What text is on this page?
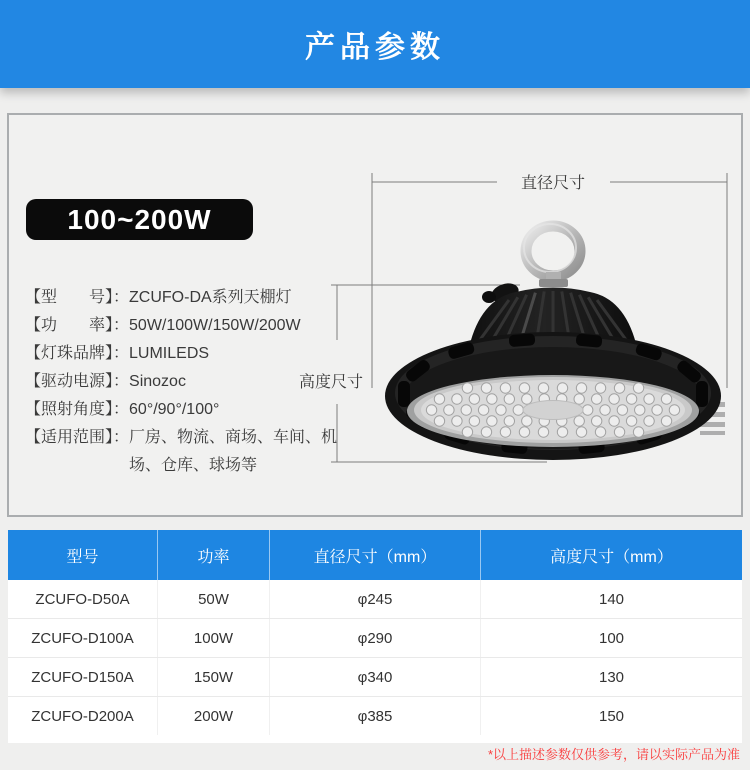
产品参数
100~200W
【型　　号】： ZCUFO-DA系列天棚灯
【功　　率】： 50W/100W/150W/200W
【灯珠品牌】： LUMILEDS
【驱动电源】： Sinozoc
【照射角度】： 60°/90°/100°
【适用范围】： 厂房、物流、商场、车间、机场、仓库、球场等
直径尺寸
高度尺寸
型号	功率	直径尺寸（mm）	高度尺寸（mm）
ZCUFO-D50A	50W	φ245	140
ZCUFO-D100A	100W	φ290	100
ZCUFO-D150A	150W	φ340	130
ZCUFO-D200A	200W	φ385	150
*以上描述参数仅供参考，请以实际产品为准
